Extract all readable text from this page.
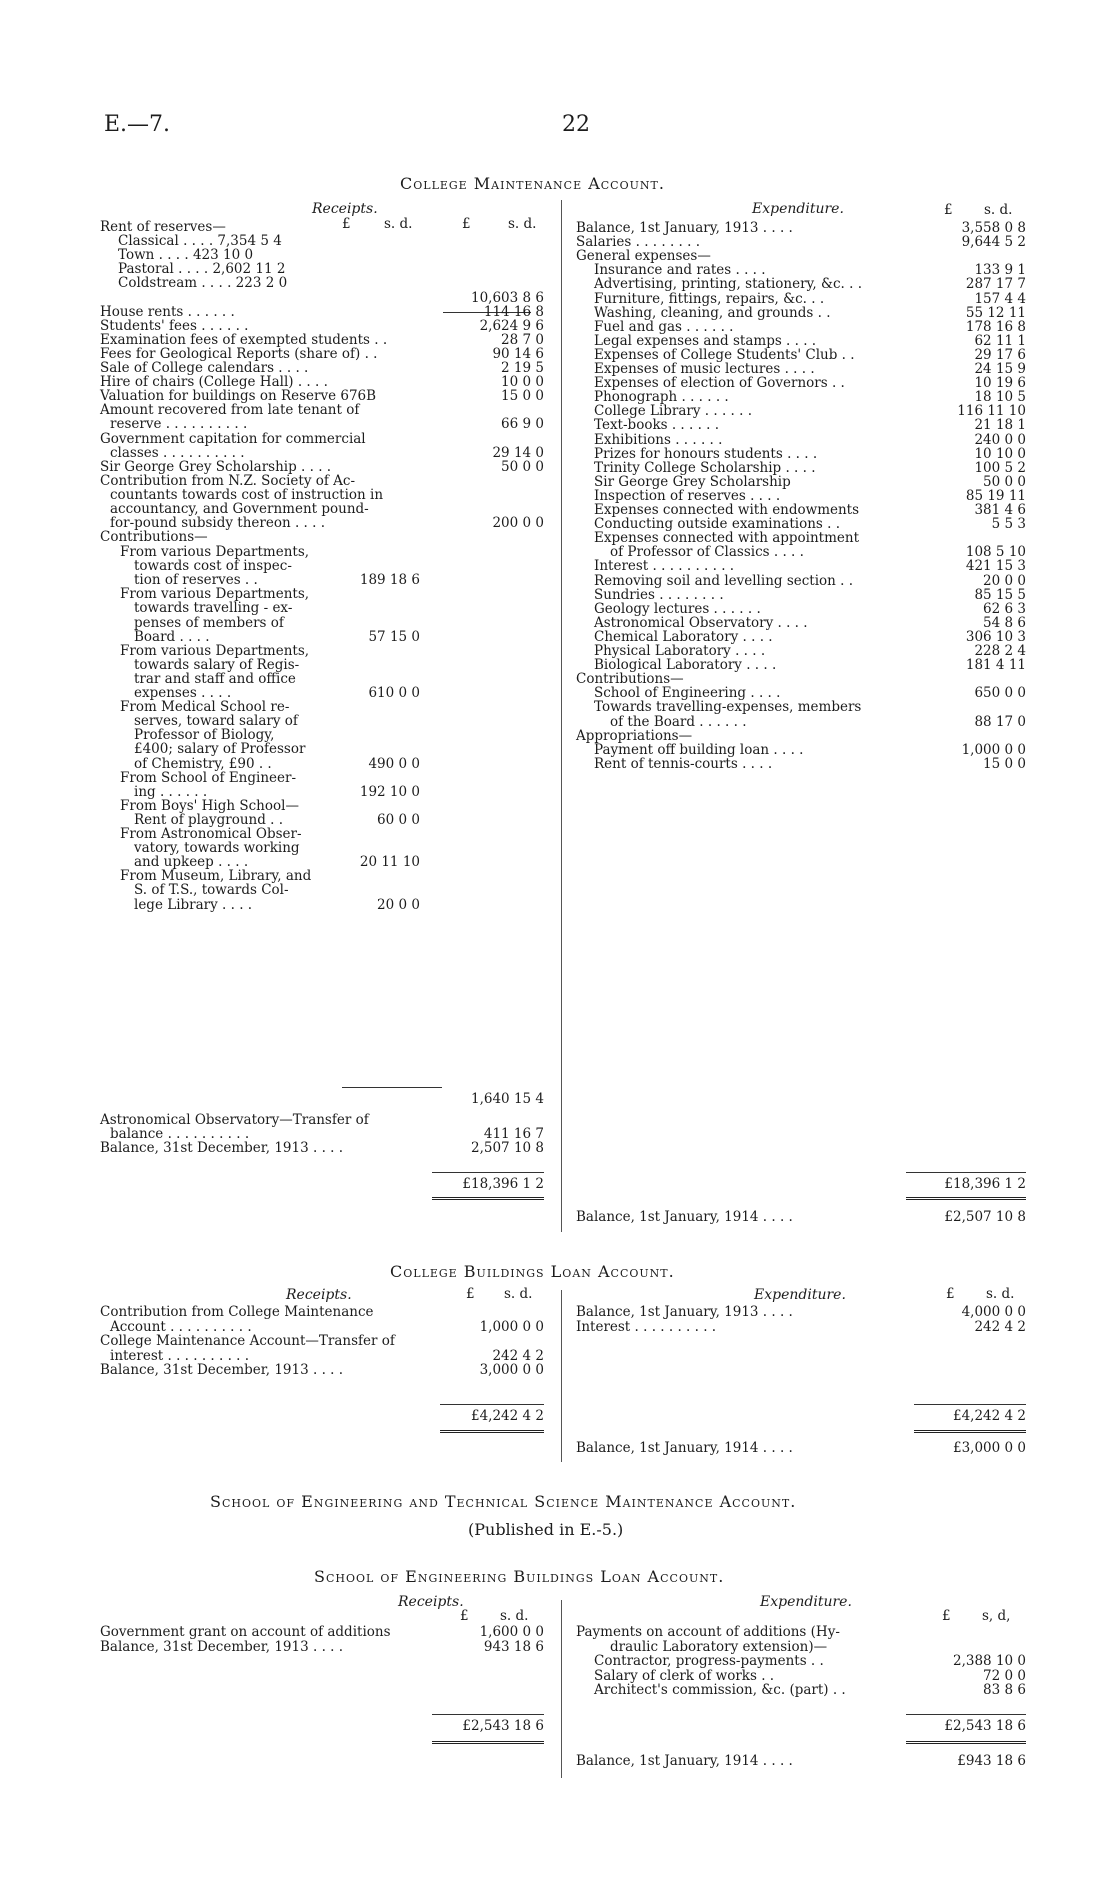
E.—7.	22
College Maintenance Account.
Receipts.	Expenditure.
£ s. d.	£	s. d.
£ s. d.
Rent of reserves—
Classical . . . . 7,354 5 4
Town . . . . 423 10 0
Pastoral . . . . 2,602 11 2
Coldstream . . . . 223 2 0
10,603 8 6
House rents . . . . . .	114 16 8
Students' fees . . . . . .	2,624 9 6
Examination fees of exempted students . .	28 7 0
Fees for Geological Reports (share of) . .	90 14 6
Sale of College calendars . . . .	2 19 5
Hire of chairs (College Hall) . . . .	10 0 0
Valuation for buildings on Reserve 676B	15 0 0
Amount recovered from late tenant of
reserve . . . . . . . . . .	66 9 0
Government capitation for commercial
classes . . . . . . . . . .	29 14 0
Sir George Grey Scholarship . . . .	50 0 0
Contribution from N.Z. Society of Ac-
countants towards cost of instruction in
accountancy, and Government pound-
for-pound subsidy thereon . . . .	200 0 0
Contributions—
From various Departments,
towards cost of inspec-
tion of reserves . .	189 18 6
From various Departments,
towards travelling - ex-
penses of members of
Board . . . .	57 15 0
From various Departments,
towards salary of Regis-
trar and staff and office
expenses . . . .	610 0 0
From Medical School re-
serves, toward salary of
Professor of Biology,
£400; salary of Professor
of Chemistry, £90 . .	490 0 0
From School of Engineer-
ing . . . . . .	192 10 0
From Boys' High School—
Rent of playground . .	60 0 0
From Astronomical Obser-
vatory, towards working
and upkeep . . . .	20 11 10
From Museum, Library, and
S. of T.S., towards Col-
lege Library . . . .	20 0 0
1,640 15 4
Astronomical Observatory—Transfer of
balance . . . . . . . . . .	411 16 7
Balance, 31st December, 1913 . . . .	2,507 10 8
Balance, 1st January, 1913 . . . .	3,558 0 8
Salaries . . . . . . . .	9,644 5 2
General expenses—
Insurance and rates . . . .	133 9 1
Advertising, printing, stationery, &c. . .	287 17 7
Furniture, fittings, repairs, &c. . .	157 4 4
Washing, cleaning, and grounds . .	55 12 11
Fuel and gas . . . . . .	178 16 8
Legal expenses and stamps . . . .	62 11 1
Expenses of College Students' Club . .	29 17 6
Expenses of music lectures . . . .	24 15 9
Expenses of election of Governors . .	10 19 6
Phonograph . . . . . .	18 10 5
College Library . . . . . .	116 11 10
Text-books . . . . . .	21 18 1
Exhibitions . . . . . .	240 0 0
Prizes for honours students . . . .	10 10 0
Trinity College Scholarship . . . .	100 5 2
Sir George Grey Scholarship	50 0 0
Inspection of reserves . . . .	85 19 11
Expenses connected with endowments	381 4 6
Conducting outside examinations . .	5 5 3
Expenses connected with appointment
of Professor of Classics . . . .	108 5 10
Interest . . . . . . . . . .	421 15 3
Removing soil and levelling section . .	20 0 0
Sundries . . . . . . . .	85 15 5
Geology lectures . . . . . .	62 6 3
Astronomical Observatory . . . .	54 8 6
Chemical Laboratory . . . .	306 10 3
Physical Laboratory . . . .	228 2 4
Biological Laboratory . . . .	181 4 11
Contributions—
School of Engineering . . . .	650 0 0
Towards travelling-expenses, members
of the Board . . . . . .	88 17 0
Appropriations—
Payment off building loan . . . .	1,000 0 0
Rent of tennis-courts . . . .	15 0 0
£18,396 1 2	£18,396 1 2
Balance, 1st January, 1914 . . . .	£2,507 10 8
College Buildings Loan Account.
Receipts.	Expenditure.
£ s. d.	£ s. d.
Contribution from College Maintenance
Account . . . . . . . . . .	1,000 0 0
College Maintenance Account—Transfer of
interest . . . . . . . . . .	242 4 2
Balance, 31st December, 1913 . . . .	3,000 0 0
Balance, 1st January, 1913 . . . .	4,000 0 0
Interest . . . . . . . . . .	242 4 2
£4,242 4 2	£4,242 4 2
Balance, 1st January, 1914 . . . .	£3,000 0 0
School of Engineering and Technical Science Maintenance Account.
(Published in E.-5.)
School of Engineering Buildings Loan Account.
Receipts.	Expenditure.
£ s. d.	£ s, d,
Government grant on account of additions	1,600 0 0
Balance, 31st December, 1913 . . . .	943 18 6
Payments on account of additions (Hy-
draulic Laboratory extension)—
Contractor, progress-payments . .	2,388 10 0
Salary of clerk of works . .	72 0 0
Architect's commission, &c. (part) . .	83 8 6
£2,543 18 6	£2,543 18 6
Balance, 1st January, 1914 . . . .	£943 18 6
